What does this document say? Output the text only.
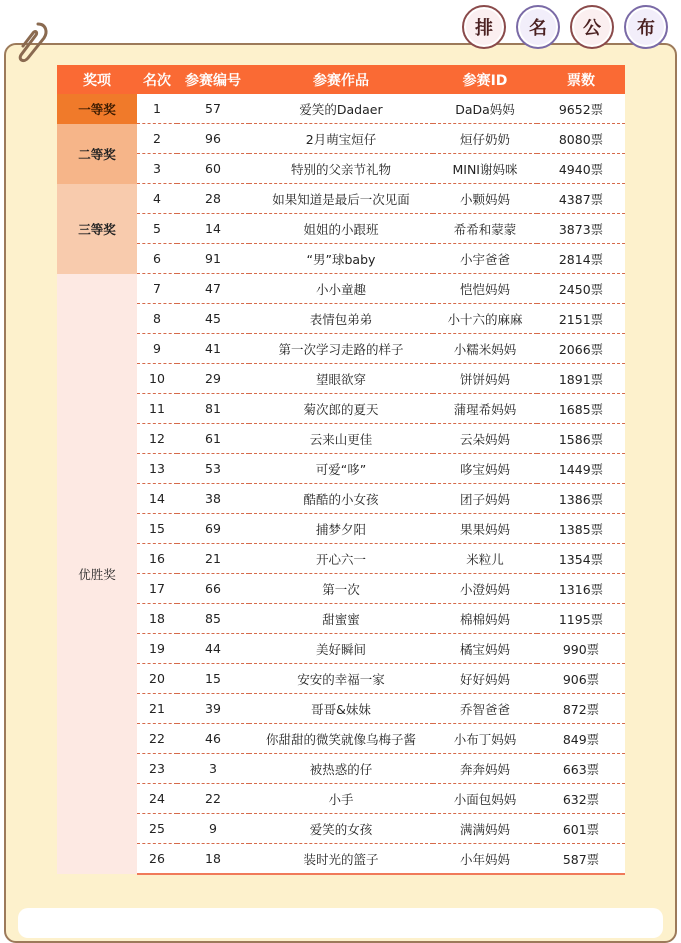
排	名	公	布
奖项	名次	参赛编号	参赛作品	参赛ID	票数
一等奖	1	57	爱笑的Dadaer	DaDa妈妈	9652票
二等奖	2	96	2月萌宝烜仔	烜仔奶奶	8080票
	3	60	特别的父亲节礼物	MINI谢妈咪	4940票
三等奖	4	28	如果知道是最后一次见面	小颗妈妈	4387票
	5	14	姐姐的小跟班	希希和蒙蒙	3873票
	6	91	“男”球baby	小宇爸爸	2814票
优胜奖	7	47	小小童趣	恺恺妈妈	2450票
	8	45	表情包弟弟	小十六的麻麻	2151票
	9	41	第一次学习走路的样子	小糯米妈妈	2066票
	10	29	望眼欲穿	饼饼妈妈	1891票
	11	81	菊次郎的夏天	蒲瑆希妈妈	1685票
	12	61	云来山更佳	云朵妈妈	1586票
	13	53	可爱“哆”	哆宝妈妈	1449票
	14	38	酷酷的小女孩	团子妈妈	1386票
	15	69	捕梦夕阳	果果妈妈	1385票
	16	21	开心六一	米粒儿	1354票
	17	66	第一次	小澄妈妈	1316票
	18	85	甜蜜蜜	棉棉妈妈	1195票
	19	44	美好瞬间	橘宝妈妈	990票
	20	15	安安的幸福一家	好好妈妈	906票
	21	39	哥哥&妹妹	乔智爸爸	872票
	22	46	你甜甜的微笑就像乌梅子酱	小布丁妈妈	849票
	23	3	被热惑的仔	奔奔妈妈	663票
	24	22	小手	小面包妈妈	632票
	25	9	爱笑的女孩	满满妈妈	601票
	26	18	装时光的篮子	小年妈妈	587票
